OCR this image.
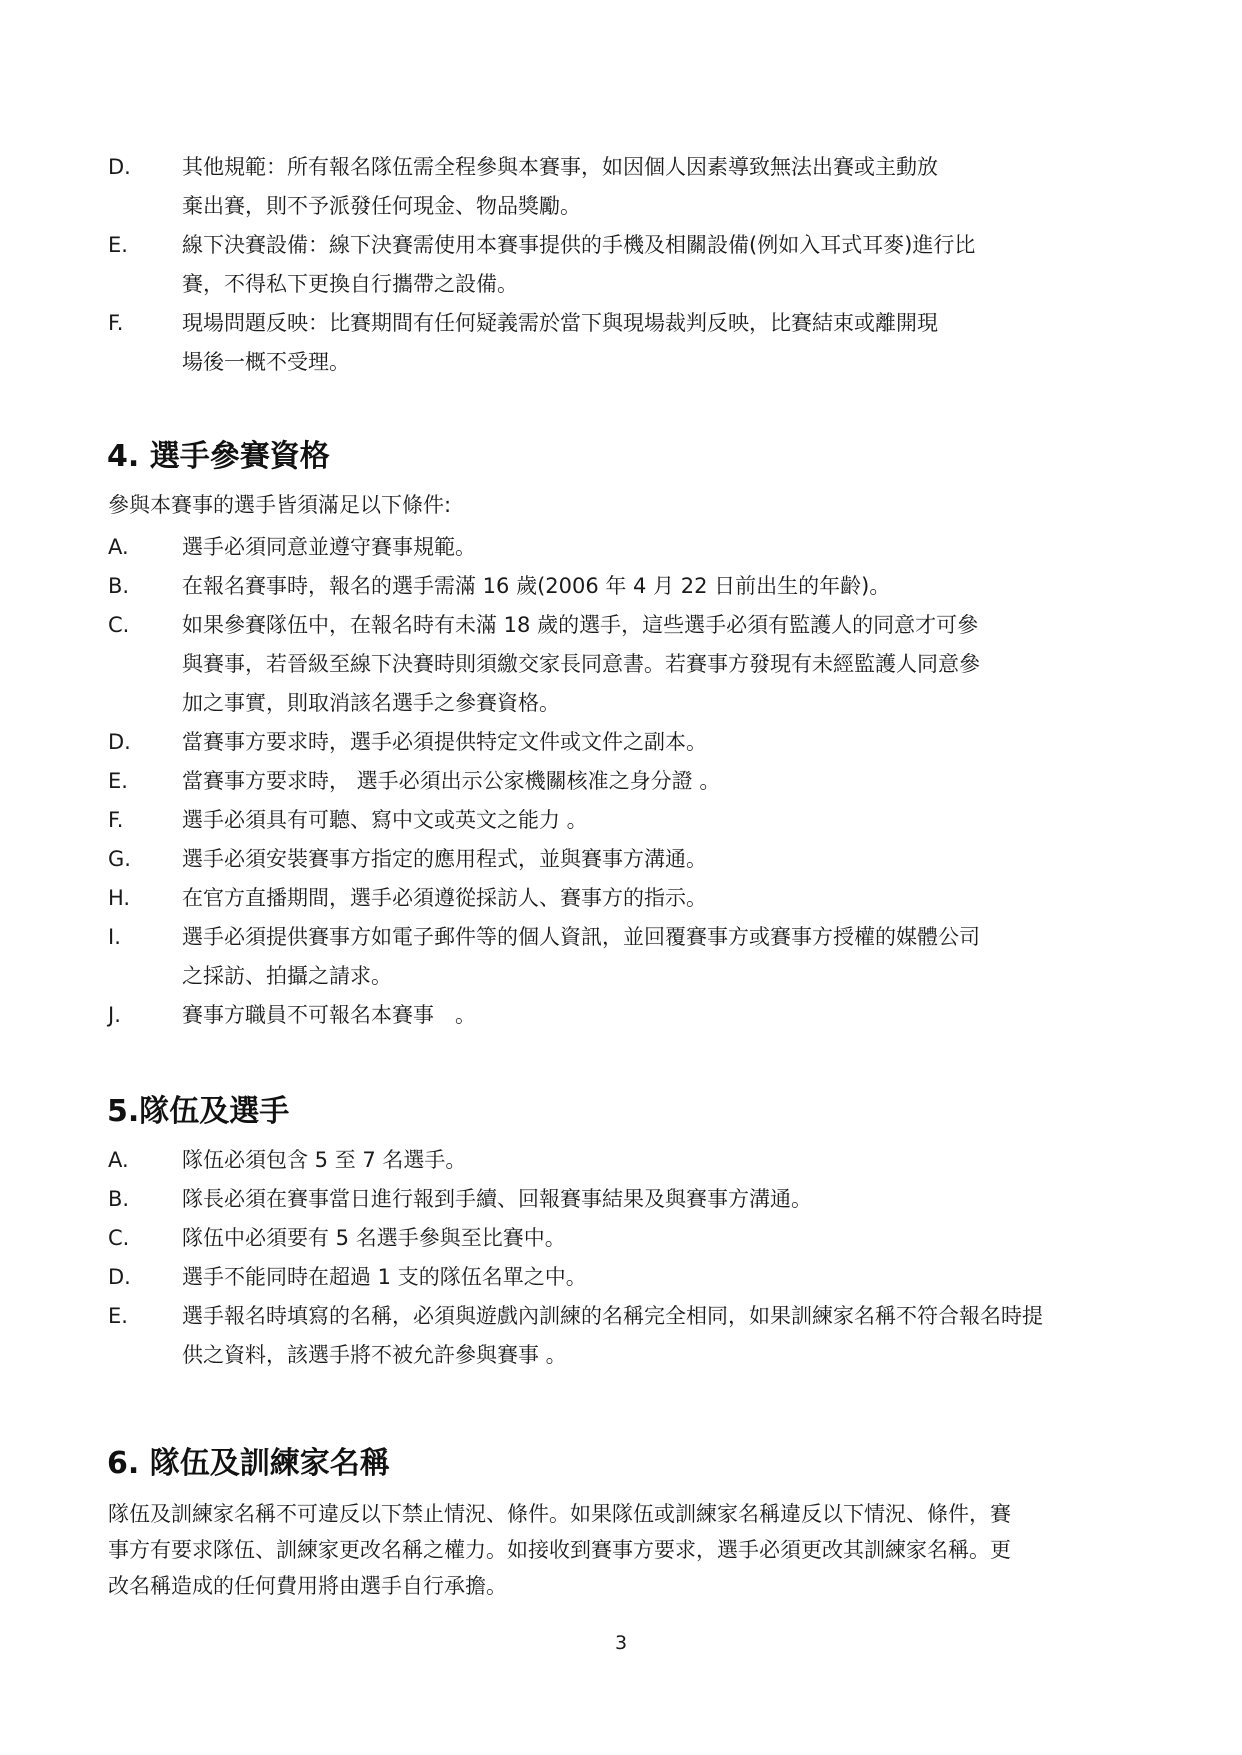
D. 其他規範：所有報名隊伍需全程參與本賽事，如因個人因素導致無法出賽或主動放
棄出賽，則不予派發任何現金、物品獎勵。
E.	線下決賽設備：線下決賽需使用本賽事提供的手機及相關設備(例如入耳式耳麥)進行比
賽，不得私下更換自行攜帶之設備。
F.	現場問題反映：比賽期間有任何疑義需於當下與現場裁判反映，比賽結束或離開現
場後一概不受理。
4. 選手參賽資格

參與本賽事的選手皆須滿足以下條件:

A.	選手必須同意並遵守賽事規範。
B.	在報名賽事時，報名的選手需滿 16 歲(2006 年 4 月 22 日前出生的年齡)。
C.	如果參賽隊伍中，在報名時有未滿 18 歲的選手，這些選手必須有監護人的同意才可參
與賽事，若晉級至線下決賽時則須繳交家長同意書。若賽事方發現有未經監護人同意參
加之事實，則取消該名選手之參賽資格。
D. 當賽事方要求時，選手必須提供特定文件或文件之副本。
E.	當賽事方要求時， 選手必須出示公家機關核准之身分證 。
F.	選手必須具有可聽、寫中文或英文之能力 。
G. 選手必須安裝賽事方指定的應用程式，並與賽事方溝通。
H. 在官方直播期間，選手必須遵從採訪人、賽事方的指示。
I.	選手必須提供賽事方如電子郵件等的個人資訊，並回覆賽事方或賽事方授權的媒體公司
之採訪、拍攝之請求。
J.	賽事方職員不可報名本賽事　。
5.隊伍及選手
A.	隊伍必須包含 5 至 7 名選手。
B.	隊長必須在賽事當日進行報到手續、回報賽事結果及與賽事方溝通。
C.	隊伍中必須要有 5 名選手參與至比賽中。
D. 選手不能同時在超過 1 支的隊伍名單之中。
E.	選手報名時填寫的名稱，必須與遊戲內訓練的名稱完全相同，如果訓練家名稱不符合報名時提
供之資料，該選手將不被允許參與賽事 。
6. 隊伍及訓練家名稱

隊伍及訓練家名稱不可違反以下禁止情況、條件。如果隊伍或訓練家名稱違反以下情況、條件，賽
事方有要求隊伍、訓練家更改名稱之權力。如接收到賽事方要求，選手必須更改其訓練家名稱。更
改名稱造成的任何費用將由選手自行承擔。

3
